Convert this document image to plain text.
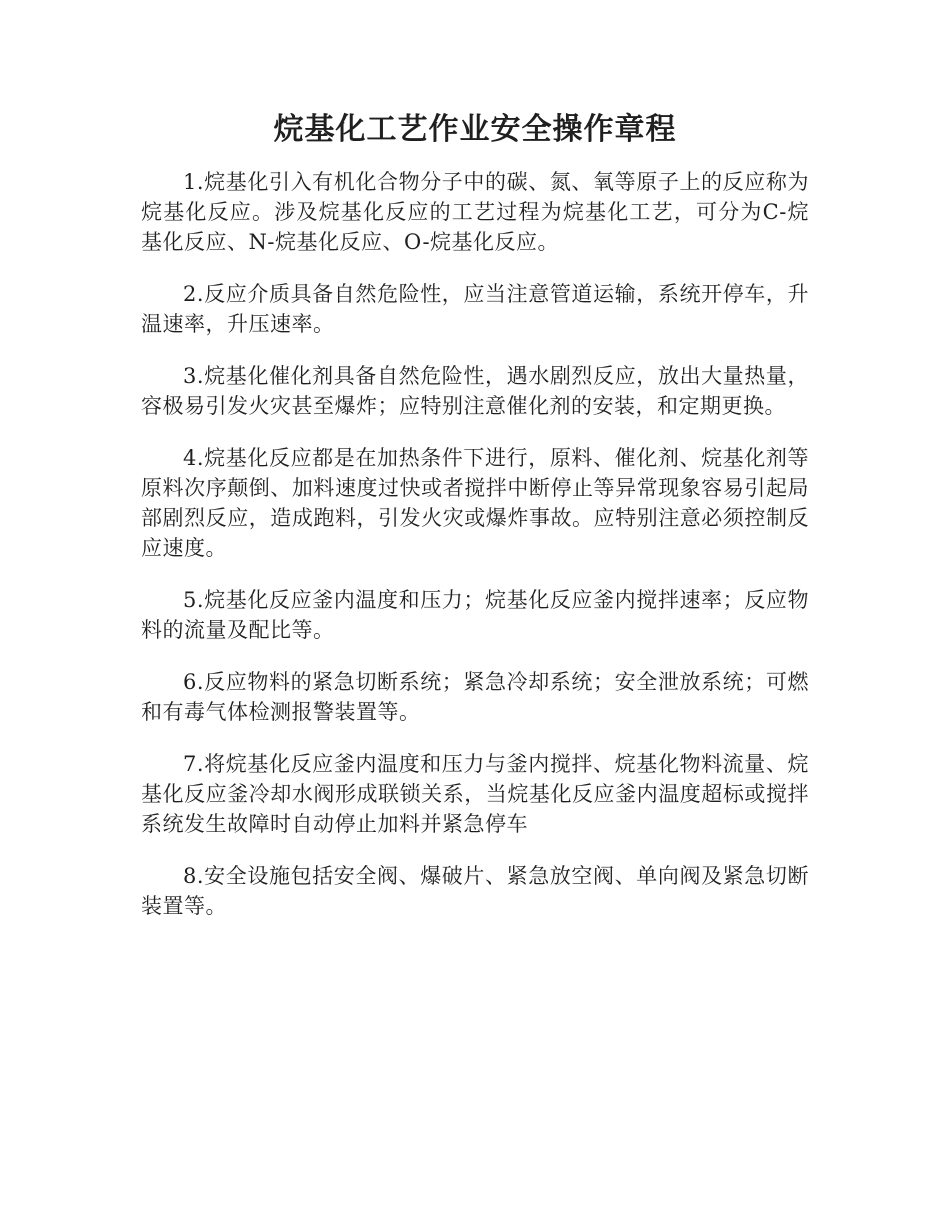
烷基化工艺作业安全操作章程

1.烷基化引入有机化合物分子中的碳、氮、氧等原子上的反应称为烷基化反应。涉及烷基化反应的工艺过程为烷基化工艺，可分为C-烷基化反应、N-烷基化反应、O-烷基化反应。

2.反应介质具备自然危险性，应当注意管道运输，系统开停车，升温速率，升压速率。

3.烷基化催化剂具备自然危险性，遇水剧烈反应，放出大量热量，容极易引发火灾甚至爆炸；应特别注意催化剂的安装，和定期更换。

4.烷基化反应都是在加热条件下进行，原料、催化剂、烷基化剂等原料次序颠倒、加料速度过快或者搅拌中断停止等异常现象容易引起局部剧烈反应，造成跑料，引发火灾或爆炸事故。应特别注意必须控制反应速度。

5.烷基化反应釜内温度和压力；烷基化反应釜内搅拌速率；反应物料的流量及配比等。

6.反应物料的紧急切断系统；紧急冷却系统；安全泄放系统；可燃和有毒气体检测报警装置等。

7.将烷基化反应釜内温度和压力与釜内搅拌、烷基化物料流量、烷基化反应釜冷却水阀形成联锁关系，当烷基化反应釜内温度超标或搅拌系统发生故障时自动停止加料并紧急停车

8.安全设施包括安全阀、爆破片、紧急放空阀、单向阀及紧急切断装置等。
